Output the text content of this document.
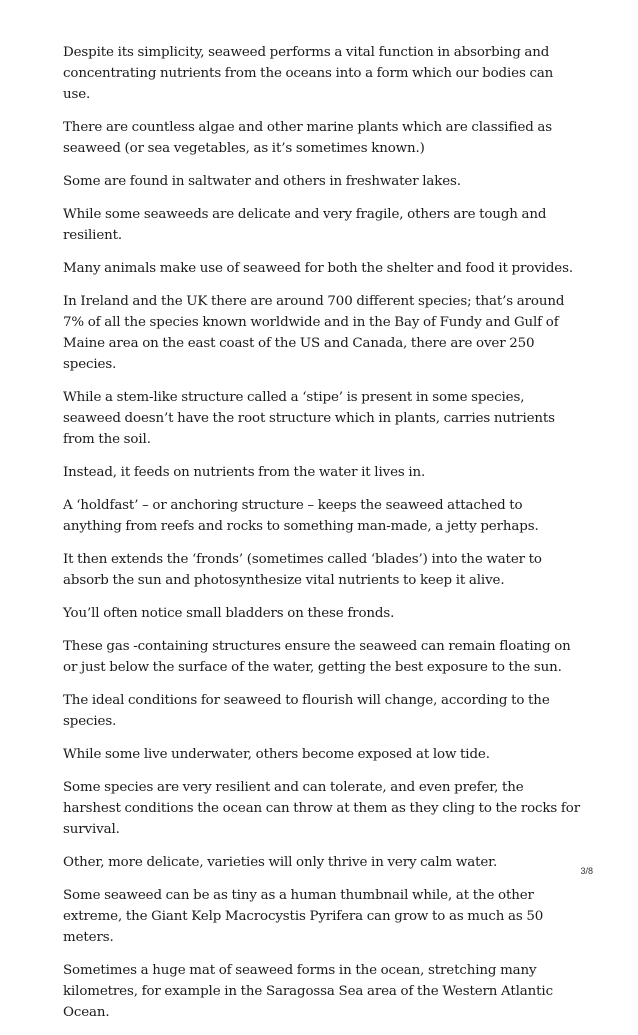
Despite its simplicity, seaweed performs a vital function in absorbing and concentrating nutrients from the oceans into a form which our bodies can use.

There are countless algae and other marine plants which are classified as seaweed (or sea vegetables, as it’s sometimes known.)

Some are found in saltwater and others in freshwater lakes.

While some seaweeds are delicate and very fragile, others are tough and resilient.

Many animals make use of seaweed for both the shelter and food it provides.

In Ireland and the UK there are around 700 different species; that’s around 7% of all the species known worldwide and in the Bay of Fundy and Gulf of Maine area on the east coast of the US and Canada, there are over 250 species.

While a stem-like structure called a ‘stipe’ is present in some species, seaweed doesn’t have the root structure which in plants, carries nutrients from the soil.

Instead, it feeds on nutrients from the water it lives in.

A ‘holdfast’ – or anchoring structure – keeps the seaweed attached to anything from reefs and rocks to something man-made, a jetty perhaps.

It then extends the ‘fronds’ (sometimes called ‘blades’) into the water to absorb the sun and photosynthesize vital nutrients to keep it alive.

You’ll often notice small bladders on these fronds.

These gas -containing structures ensure the seaweed can remain floating on or just below the surface of the water, getting the best exposure to the sun.

The ideal conditions for seaweed to flourish will change, according to the species.

While some live underwater, others become exposed at low tide.

Some species are very resilient and can tolerate, and even prefer, the harshest conditions the ocean can throw at them as they cling to the rocks for survival.

Other, more delicate, varieties will only thrive in very calm water.

Some seaweed can be as tiny as a human thumbnail while, at the other extreme, the Giant Kelp Macrocystis Pyrifera can grow to as much as 50 meters.

Sometimes a huge mat of seaweed forms in the ocean, stretching many kilometres, for example in the Saragossa Sea area of the Western Atlantic Ocean.

3/8
